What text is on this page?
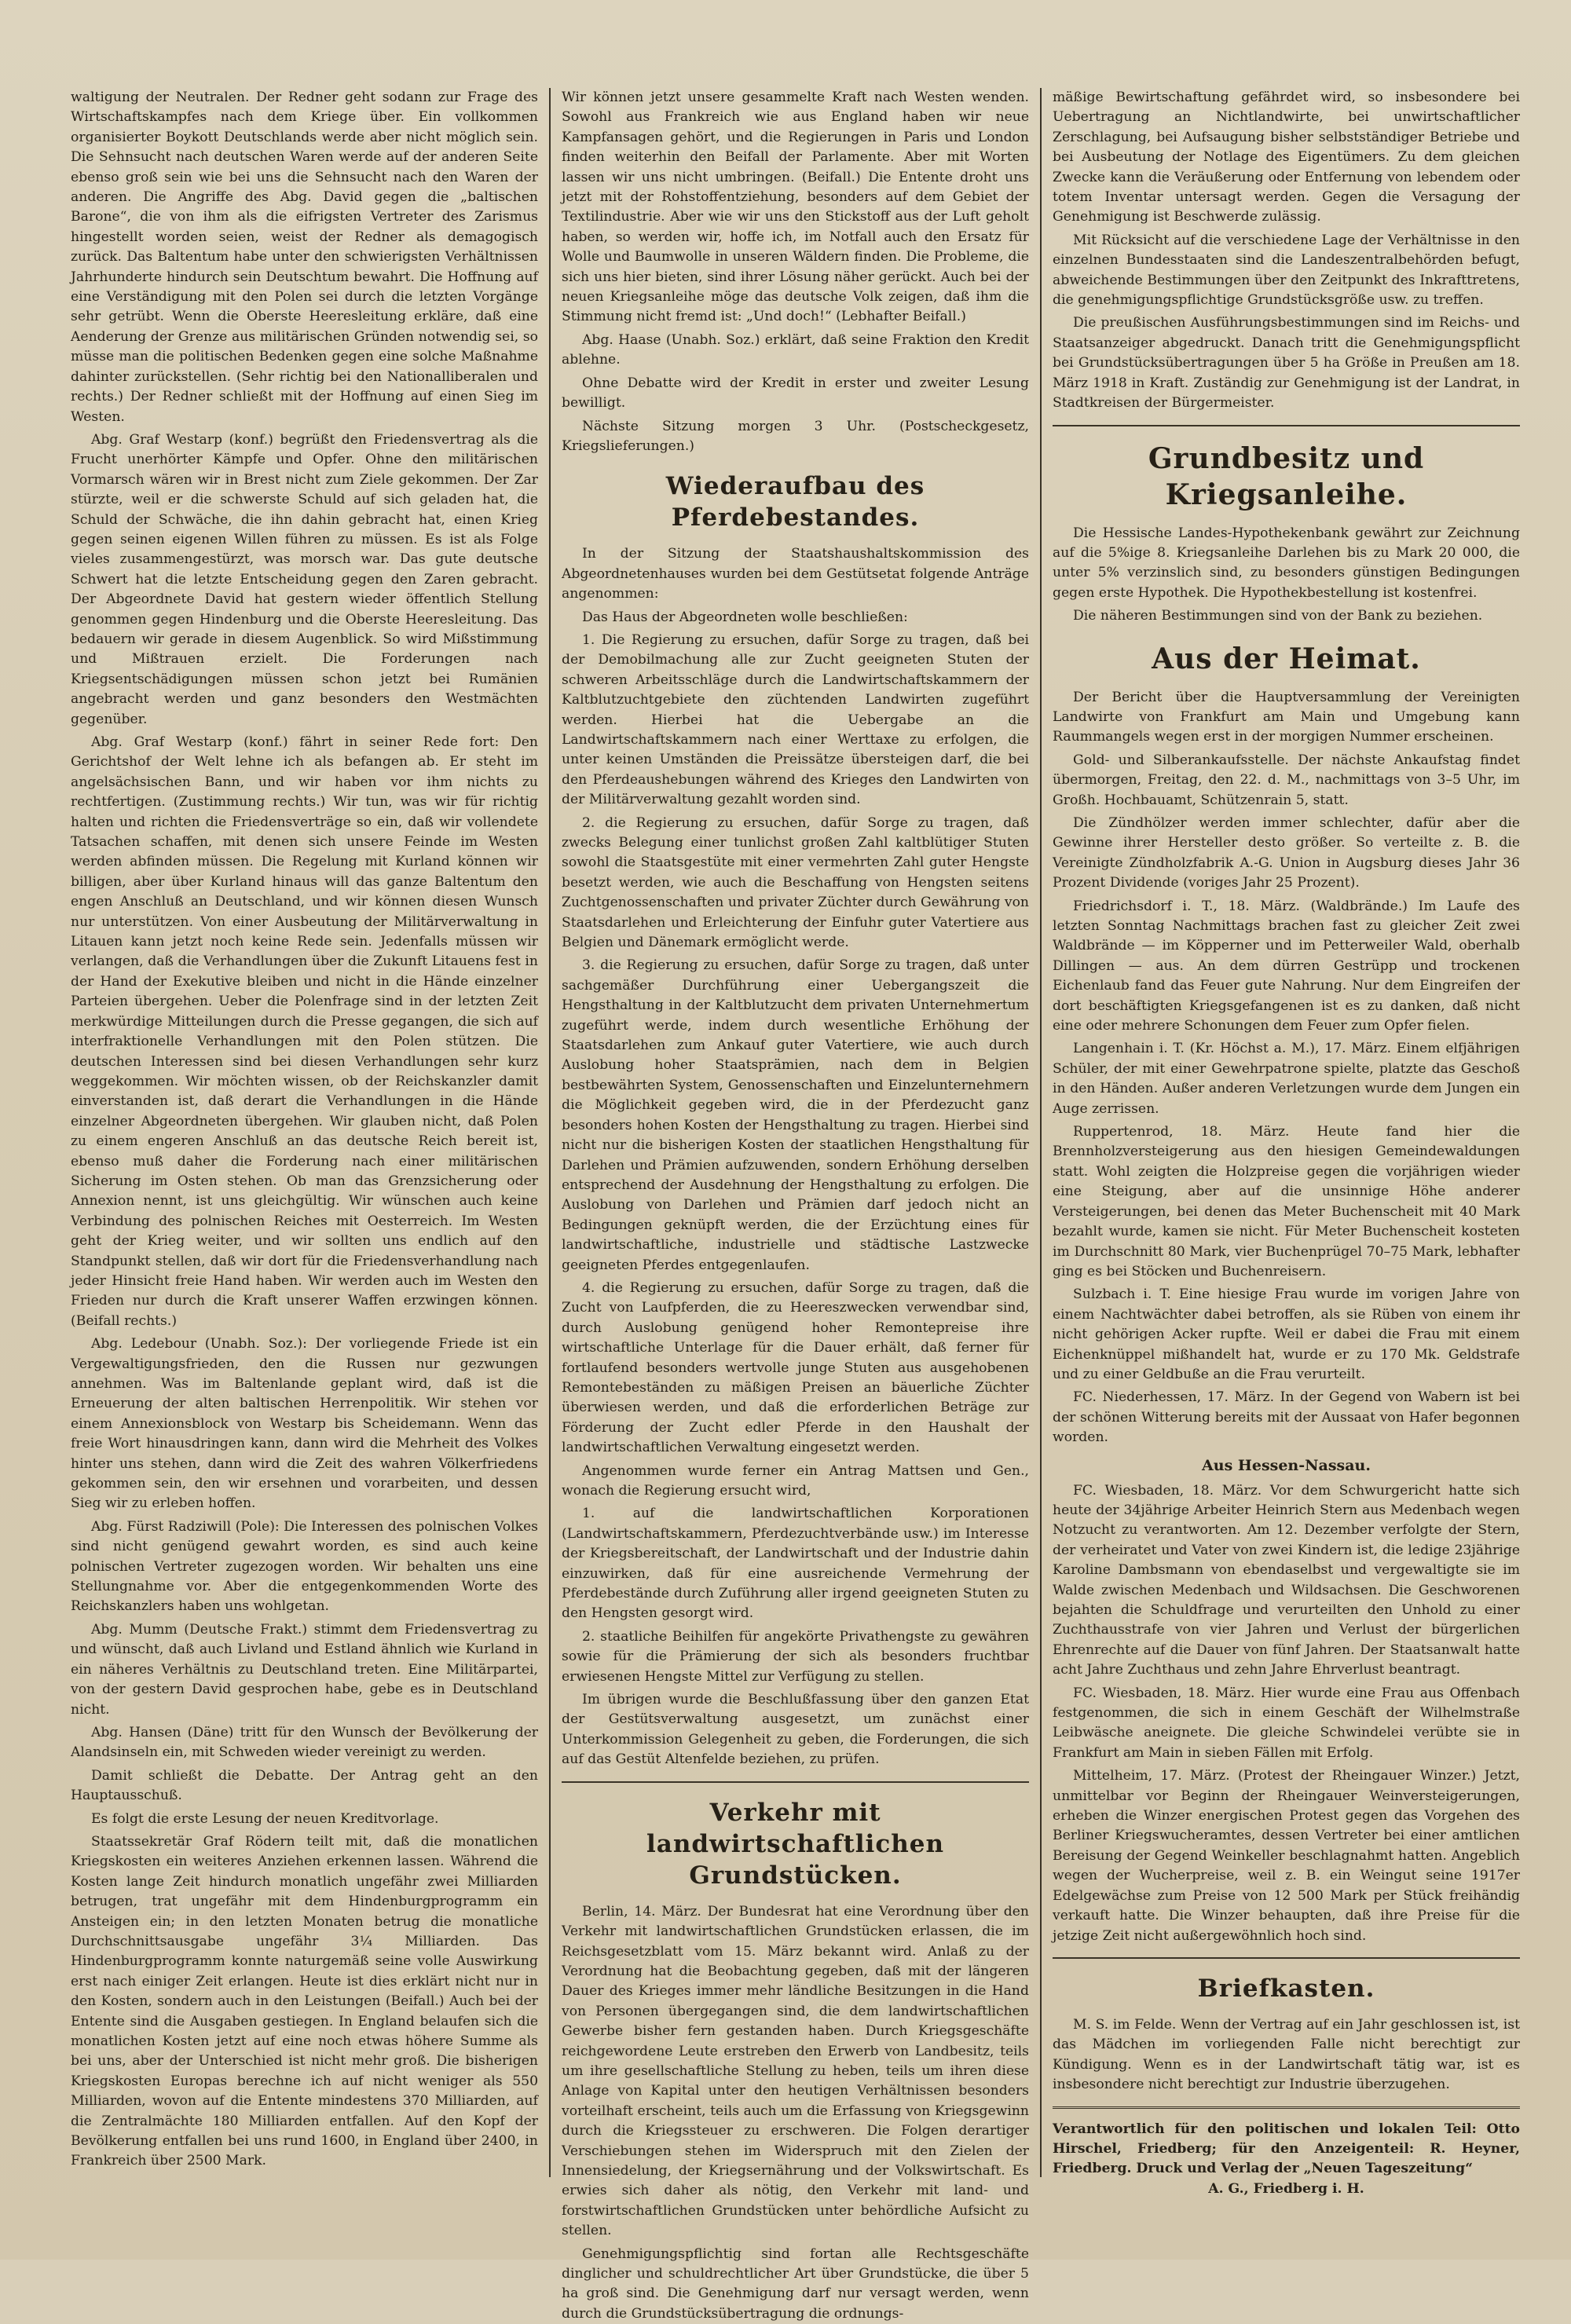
waltigung der Neutralen. Der Redner geht sodann zur Frage des Wirtschaftskampfes nach dem Kriege über. Ein vollkommen organisierter Boykott Deutschlands werde aber nicht möglich sein. Die Sehnsucht nach deutschen Waren werde auf der anderen Seite ebenso groß sein wie bei uns die Sehnsucht nach den Waren der anderen. Die Angriffe des Abg. David gegen die „baltischen Barone“, die von ihm als die eifrigsten Vertreter des Zarismus hingestellt worden seien, weist der Redner als demagogisch zurück. Das Baltentum habe unter den schwierigsten Verhältnissen Jahrhunderte hindurch sein Deutschtum bewahrt. Die Hoffnung auf eine Verständigung mit den Polen sei durch die letzten Vorgänge sehr getrübt. Wenn die Oberste Heeresleitung erkläre, daß eine Aenderung der Grenze aus militärischen Gründen notwendig sei, so müsse man die politischen Bedenken gegen eine solche Maßnahme dahinter zurückstellen. (Sehr richtig bei den Nationalliberalen und rechts.) Der Redner schließt mit der Hoffnung auf einen Sieg im Westen.

Abg. Graf Westarp (konf.) begrüßt den Friedensvertrag als die Frucht unerhörter Kämpfe und Opfer. Ohne den militärischen Vormarsch wären wir in Brest nicht zum Ziele gekommen. Der Zar stürzte, weil er die schwerste Schuld auf sich geladen hat, die Schuld der Schwäche, die ihn dahin gebracht hat, einen Krieg gegen seinen eigenen Willen führen zu müssen. Es ist als Folge vieles zusammengestürzt, was morsch war. Das gute deutsche Schwert hat die letzte Entscheidung gegen den Zaren gebracht. Der Abgeordnete David hat gestern wieder öffentlich Stellung genommen gegen Hindenburg und die Oberste Heeresleitung. Das bedauern wir gerade in diesem Augenblick. So wird Mißstimmung und Mißtrauen erzielt. Die Forderungen nach Kriegsentschädigungen müssen schon jetzt bei Rumänien angebracht werden und ganz besonders den Westmächten gegenüber.

Abg. Graf Westarp (konf.) fährt in seiner Rede fort: Den Gerichtshof der Welt lehne ich als befangen ab. Er steht im angelsächsischen Bann, und wir haben vor ihm nichts zu rechtfertigen. (Zustimmung rechts.) Wir tun, was wir für richtig halten und richten die Friedensverträge so ein, daß wir vollendete Tatsachen schaffen, mit denen sich unsere Feinde im Westen werden abfinden müssen. Die Regelung mit Kurland können wir billigen, aber über Kurland hinaus will das ganze Baltentum den engen Anschluß an Deutschland, und wir können diesen Wunsch nur unterstützen. Von einer Ausbeutung der Militärverwaltung in Litauen kann jetzt noch keine Rede sein. Jedenfalls müssen wir verlangen, daß die Verhandlungen über die Zukunft Litauens fest in der Hand der Exekutive bleiben und nicht in die Hände einzelner Parteien übergehen. Ueber die Polenfrage sind in der letzten Zeit merkwürdige Mitteilungen durch die Presse gegangen, die sich auf interfraktionelle Verhandlungen mit den Polen stützen. Die deutschen Interessen sind bei diesen Verhandlungen sehr kurz weggekommen. Wir möchten wissen, ob der Reichskanzler damit einverstanden ist, daß derart die Verhandlungen in die Hände einzelner Abgeordneten übergehen. Wir glauben nicht, daß Polen zu einem engeren Anschluß an das deutsche Reich bereit ist, ebenso muß daher die Forderung nach einer militärischen Sicherung im Osten stehen. Ob man das Grenzsicherung oder Annexion nennt, ist uns gleichgültig. Wir wünschen auch keine Verbindung des polnischen Reiches mit Oesterreich. Im Westen geht der Krieg weiter, und wir sollten uns endlich auf den Standpunkt stellen, daß wir dort für die Friedensverhandlung nach jeder Hinsicht freie Hand haben. Wir werden auch im Westen den Frieden nur durch die Kraft unserer Waffen erzwingen können. (Beifall rechts.)

Abg. Ledebour (Unabh. Soz.): Der vorliegende Friede ist ein Vergewaltigungsfrieden, den die Russen nur gezwungen annehmen. Was im Baltenlande geplant wird, daß ist die Erneuerung der alten baltischen Herrenpolitik. Wir stehen vor einem Annexionsblock von Westarp bis Scheidemann. Wenn das freie Wort hinausdringen kann, dann wird die Mehrheit des Volkes hinter uns stehen, dann wird die Zeit des wahren Völkerfriedens gekommen sein, den wir ersehnen und vorarbeiten, und dessen Sieg wir zu erleben hoffen.

Abg. Fürst Radziwill (Pole): Die Interessen des polnischen Volkes sind nicht genügend gewahrt worden, es sind auch keine polnischen Vertreter zugezogen worden. Wir behalten uns eine Stellungnahme vor. Aber die entgegenkommenden Worte des Reichskanzlers haben uns wohlgetan.

Abg. Mumm (Deutsche Frakt.) stimmt dem Friedensvertrag zu und wünscht, daß auch Livland und Estland ähnlich wie Kurland in ein näheres Verhältnis zu Deutschland treten. Eine Militärpartei, von der gestern David gesprochen habe, gebe es in Deutschland nicht.

Abg. Hansen (Däne) tritt für den Wunsch der Bevölkerung der Alandsinseln ein, mit Schweden wieder vereinigt zu werden.

Damit schließt die Debatte. Der Antrag geht an den Hauptausschuß.

Es folgt die erste Lesung der neuen Kreditvorlage.

Staatssekretär Graf Rödern teilt mit, daß die monatlichen Kriegskosten ein weiteres Anziehen erkennen lassen. Während die Kosten lange Zeit hindurch monatlich ungefähr zwei Milliarden betrugen, trat ungefähr mit dem Hindenburgprogramm ein Ansteigen ein; in den letzten Monaten betrug die monatliche Durchschnittsausgabe ungefähr 3¼ Milliarden. Das Hindenburgprogramm konnte naturgemäß seine volle Auswirkung erst nach einiger Zeit erlangen. Heute ist dies erklärt nicht nur in den Kosten, sondern auch in den Leistungen (Beifall.) Auch bei der Entente sind die Ausgaben gestiegen. In England belaufen sich die monatlichen Kosten jetzt auf eine noch etwas höhere Summe als bei uns, aber der Unterschied ist nicht mehr groß. Die bisherigen Kriegskosten Europas berechne ich auf nicht weniger als 550 Milliarden, wovon auf die Entente mindestens 370 Milliarden, auf die Zentralmächte 180 Milliarden entfallen. Auf den Kopf der Bevölkerung entfallen bei uns rund 1600, in England über 2400, in Frankreich über 2500 Mark.

Wir können jetzt unsere gesammelte Kraft nach Westen wenden. Sowohl aus Frankreich wie aus England haben wir neue Kampfansagen gehört, und die Regierungen in Paris und London finden weiterhin den Beifall der Parlamente. Aber mit Worten lassen wir uns nicht umbringen. (Beifall.) Die Entente droht uns jetzt mit der Rohstoffentziehung, besonders auf dem Gebiet der Textilindustrie. Aber wie wir uns den Stickstoff aus der Luft geholt haben, so werden wir, hoffe ich, im Notfall auch den Ersatz für Wolle und Baumwolle in unseren Wäldern finden. Die Probleme, die sich uns hier bieten, sind ihrer Lösung näher gerückt. Auch bei der neuen Kriegsanleihe möge das deutsche Volk zeigen, daß ihm die Stimmung nicht fremd ist: „Und doch!“ (Lebhafter Beifall.)

Abg. Haase (Unabh. Soz.) erklärt, daß seine Fraktion den Kredit ablehne.

Ohne Debatte wird der Kredit in erster und zweiter Lesung bewilligt.

Nächste Sitzung morgen 3 Uhr. (Postscheckgesetz, Kriegslieferungen.)

Wiederaufbau des Pferdebestandes.

In der Sitzung der Staatshaushaltskommission des Abgeordnetenhauses wurden bei dem Gestütsetat folgende Anträge angenommen:

Das Haus der Abgeordneten wolle beschließen:

1. Die Regierung zu ersuchen, dafür Sorge zu tragen, daß bei der Demobilmachung alle zur Zucht geeigneten Stuten der schweren Arbeitsschläge durch die Landwirtschaftskammern der Kaltblutzuchtgebiete den züchtenden Landwirten zugeführt werden. Hierbei hat die Uebergabe an die Landwirtschaftskammern nach einer Werttaxe zu erfolgen, die unter keinen Umständen die Preissätze übersteigen darf, die bei den Pferdeaushebungen während des Krieges den Landwirten von der Militärverwaltung gezahlt worden sind.

2. die Regierung zu ersuchen, dafür Sorge zu tragen, daß zwecks Belegung einer tunlichst großen Zahl kaltblütiger Stuten sowohl die Staatsgestüte mit einer vermehrten Zahl guter Hengste besetzt werden, wie auch die Beschaffung von Hengsten seitens Zuchtgenossenschaften und privater Züchter durch Gewährung von Staatsdarlehen und Erleichterung der Einfuhr guter Vatertiere aus Belgien und Dänemark ermöglicht werde.

3. die Regierung zu ersuchen, dafür Sorge zu tragen, daß unter sachgemäßer Durchführung einer Uebergangszeit die Hengsthaltung in der Kaltblutzucht dem privaten Unternehmertum zugeführt werde, indem durch wesentliche Erhöhung der Staatsdarlehen zum Ankauf guter Vatertiere, wie auch durch Auslobung hoher Staatsprämien, nach dem in Belgien bestbewährten System, Genossenschaften und Einzelunternehmern die Möglichkeit gegeben wird, die in der Pferdezucht ganz besonders hohen Kosten der Hengsthaltung zu tragen. Hierbei sind nicht nur die bisherigen Kosten der staatlichen Hengsthaltung für Darlehen und Prämien aufzuwenden, sondern Erhöhung derselben entsprechend der Ausdehnung der Hengsthaltung zu erfolgen. Die Auslobung von Darlehen und Prämien darf jedoch nicht an Bedingungen geknüpft werden, die der Erzüchtung eines für landwirtschaftliche, industrielle und städtische Lastzwecke geeigneten Pferdes entgegenlaufen.

4. die Regierung zu ersuchen, dafür Sorge zu tragen, daß die Zucht von Laufpferden, die zu Heereszwecken verwendbar sind, durch Auslobung genügend hoher Remontepreise ihre wirtschaftliche Unterlage für die Dauer erhält, daß ferner für fortlaufend besonders wertvolle junge Stuten aus ausgehobenen Remontebeständen zu mäßigen Preisen an bäuerliche Züchter überwiesen werden, und daß die erforderlichen Beträge zur Förderung der Zucht edler Pferde in den Haushalt der landwirtschaftlichen Verwaltung eingesetzt werden.

Angenommen wurde ferner ein Antrag Mattsen und Gen., wonach die Regierung ersucht wird,

1. auf die landwirtschaftlichen Korporationen (Landwirtschaftskammern, Pferdezuchtverbände usw.) im Interesse der Kriegsbereitschaft, der Landwirtschaft und der Industrie dahin einzuwirken, daß für eine ausreichende Vermehrung der Pferdebestände durch Zuführung aller irgend geeigneten Stuten zu den Hengsten gesorgt wird.

2. staatliche Beihilfen für angekörte Privathengste zu gewähren sowie für die Prämierung der sich als besonders fruchtbar erwiesenen Hengste Mittel zur Verfügung zu stellen.

Im übrigen wurde die Beschlußfassung über den ganzen Etat der Gestütsverwaltung ausgesetzt, um zunächst einer Unterkommission Gelegenheit zu geben, die Forderungen, die sich auf das Gestüt Altenfelde beziehen, zu prüfen.

Verkehr mit landwirtschaftlichen Grundstücken.

Berlin, 14. März. Der Bundesrat hat eine Verordnung über den Verkehr mit landwirtschaftlichen Grundstücken erlassen, die im Reichsgesetzblatt vom 15. März bekannt wird. Anlaß zu der Verordnung hat die Beobachtung gegeben, daß mit der längeren Dauer des Krieges immer mehr ländliche Besitzungen in die Hand von Personen übergegangen sind, die dem landwirtschaftlichen Gewerbe bisher fern gestanden haben. Durch Kriegsgeschäfte reichgewordene Leute erstreben den Erwerb von Landbesitz, teils um ihre gesellschaftliche Stellung zu heben, teils um ihren diese Anlage von Kapital unter den heutigen Verhältnissen besonders vorteilhaft erscheint, teils auch um die Erfassung von Kriegsgewinn durch die Kriegssteuer zu erschweren. Die Folgen derartiger Verschiebungen stehen im Widerspruch mit den Zielen der Innensiedelung, der Kriegsernährung und der Volkswirtschaft. Es erwies sich daher als nötig, den Verkehr mit land- und forstwirtschaftlichen Grundstücken unter behördliche Aufsicht zu stellen.

Genehmigungspflichtig sind fortan alle Rechtsgeschäfte dinglicher und schuldrechtlicher Art über Grundstücke, die über 5 ha groß sind. Die Genehmigung darf nur versagt werden, wenn durch die Grundstücksübertragung die ordnungs-

mäßige Bewirtschaftung gefährdet wird, so insbesondere bei Uebertragung an Nichtlandwirte, bei unwirtschaftlicher Zerschlagung, bei Aufsaugung bisher selbstständiger Betriebe und bei Ausbeutung der Notlage des Eigentümers. Zu dem gleichen Zwecke kann die Veräußerung oder Entfernung von lebendem oder totem Inventar untersagt werden. Gegen die Versagung der Genehmigung ist Beschwerde zulässig.

Mit Rücksicht auf die verschiedene Lage der Verhältnisse in den einzelnen Bundesstaaten sind die Landeszentralbehörden befugt, abweichende Bestimmungen über den Zeitpunkt des Inkrafttretens, die genehmigungspflichtige Grundstücksgröße usw. zu treffen.

Die preußischen Ausführungsbestimmungen sind im Reichs- und Staatsanzeiger abgedruckt. Danach tritt die Genehmigungspflicht bei Grundstücksübertragungen über 5 ha Größe in Preußen am 18. März 1918 in Kraft. Zuständig zur Genehmigung ist der Landrat, in Stadtkreisen der Bürgermeister.

Grundbesitz und Kriegsanleihe.

Die Hessische Landes-Hypothekenbank gewährt zur Zeichnung auf die 5%ige 8. Kriegsanleihe Darlehen bis zu Mark 20 000, die unter 5% verzinslich sind, zu besonders günstigen Bedingungen gegen erste Hypothek. Die Hypothekbestellung ist kostenfrei.

Die näheren Bestimmungen sind von der Bank zu beziehen.

Aus der Heimat.

Der Bericht über die Hauptversammlung der Vereinigten Landwirte von Frankfurt am Main und Umgebung kann Raummangels wegen erst in der morgigen Nummer erscheinen.

Gold- und Silberankaufsstelle. Der nächste Ankaufstag findet übermorgen, Freitag, den 22. d. M., nachmittags von 3–5 Uhr, im Großh. Hochbauamt, Schützenrain 5, statt.

Die Zündhölzer werden immer schlechter, dafür aber die Gewinne ihrer Hersteller desto größer. So verteilte z. B. die Vereinigte Zündholzfabrik A.-G. Union in Augsburg dieses Jahr 36 Prozent Dividende (voriges Jahr 25 Prozent).

Friedrichsdorf i. T., 18. März. (Waldbrände.) Im Laufe des letzten Sonntag Nachmittags brachen fast zu gleicher Zeit zwei Waldbrände — im Köpperner und im Petterweiler Wald, oberhalb Dillingen — aus. An dem dürren Gestrüpp und trockenen Eichenlaub fand das Feuer gute Nahrung. Nur dem Eingreifen der dort beschäftigten Kriegsgefangenen ist es zu danken, daß nicht eine oder mehrere Schonungen dem Feuer zum Opfer fielen.

Langenhain i. T. (Kr. Höchst a. M.), 17. März. Einem elfjährigen Schüler, der mit einer Gewehrpatrone spielte, platzte das Geschoß in den Händen. Außer anderen Verletzungen wurde dem Jungen ein Auge zerrissen.

Ruppertenrod, 18. März. Heute fand hier die Brennholzversteigerung aus den hiesigen Gemeindewaldungen statt. Wohl zeigten die Holzpreise gegen die vorjährigen wieder eine Steigung, aber auf die unsinnige Höhe anderer Versteigerungen, bei denen das Meter Buchenscheit mit 40 Mark bezahlt wurde, kamen sie nicht. Für Meter Buchenscheit kosteten im Durchschnitt 80 Mark, vier Buchenprügel 70–75 Mark, lebhafter ging es bei Stöcken und Buchenreisern.

Sulzbach i. T. Eine hiesige Frau wurde im vorigen Jahre von einem Nachtwächter dabei betroffen, als sie Rüben von einem ihr nicht gehörigen Acker rupfte. Weil er dabei die Frau mit einem Eichenknüppel mißhandelt hat, wurde er zu 170 Mk. Geldstrafe und zu einer Geldbuße an die Frau verurteilt.

FC. Niederhessen, 17. März. In der Gegend von Wabern ist bei der schönen Witterung bereits mit der Aussaat von Hafer begonnen worden.

Aus Hessen-Nassau.

FC. Wiesbaden, 18. März. Vor dem Schwurgericht hatte sich heute der 34jährige Arbeiter Heinrich Stern aus Medenbach wegen Notzucht zu verantworten. Am 12. Dezember verfolgte der Stern, der verheiratet und Vater von zwei Kindern ist, die ledige 23jährige Karoline Dambsmann von ebendaselbst und vergewaltigte sie im Walde zwischen Medenbach und Wildsachsen. Die Geschworenen bejahten die Schuldfrage und verurteilten den Unhold zu einer Zuchthausstrafe von vier Jahren und Verlust der bürgerlichen Ehrenrechte auf die Dauer von fünf Jahren. Der Staatsanwalt hatte acht Jahre Zuchthaus und zehn Jahre Ehrverlust beantragt.

FC. Wiesbaden, 18. März. Hier wurde eine Frau aus Offenbach festgenommen, die sich in einem Geschäft der Wilhelmstraße Leibwäsche aneignete. Die gleiche Schwindelei verübte sie in Frankfurt am Main in sieben Fällen mit Erfolg.

Mittelheim, 17. März. (Protest der Rheingauer Winzer.) Jetzt, unmittelbar vor Beginn der Rheingauer Weinversteigerungen, erheben die Winzer energischen Protest gegen das Vorgehen des Berliner Kriegswucheramtes, dessen Vertreter bei einer amtlichen Bereisung der Gegend Weinkeller beschlagnahmt hatten. Angeblich wegen der Wucherpreise, weil z. B. ein Weingut seine 1917er Edelgewächse zum Preise von 12 500 Mark per Stück freihändig verkauft hatte. Die Winzer behaupten, daß ihre Preise für die jetzige Zeit nicht außergewöhnlich hoch sind.

Briefkasten.

M. S. im Felde. Wenn der Vertrag auf ein Jahr geschlossen ist, ist das Mädchen im vorliegenden Falle nicht berechtigt zur Kündigung. Wenn es in der Landwirtschaft tätig war, ist es insbesondere nicht berechtigt zur Industrie überzugehen.

Verantwortlich für den politischen und lokalen Teil: Otto Hirschel, Friedberg; für den Anzeigenteil: R. Heyner, Friedberg. Druck und Verlag der „Neuen Tageszeitung“
A. G., Friedberg i. H.
